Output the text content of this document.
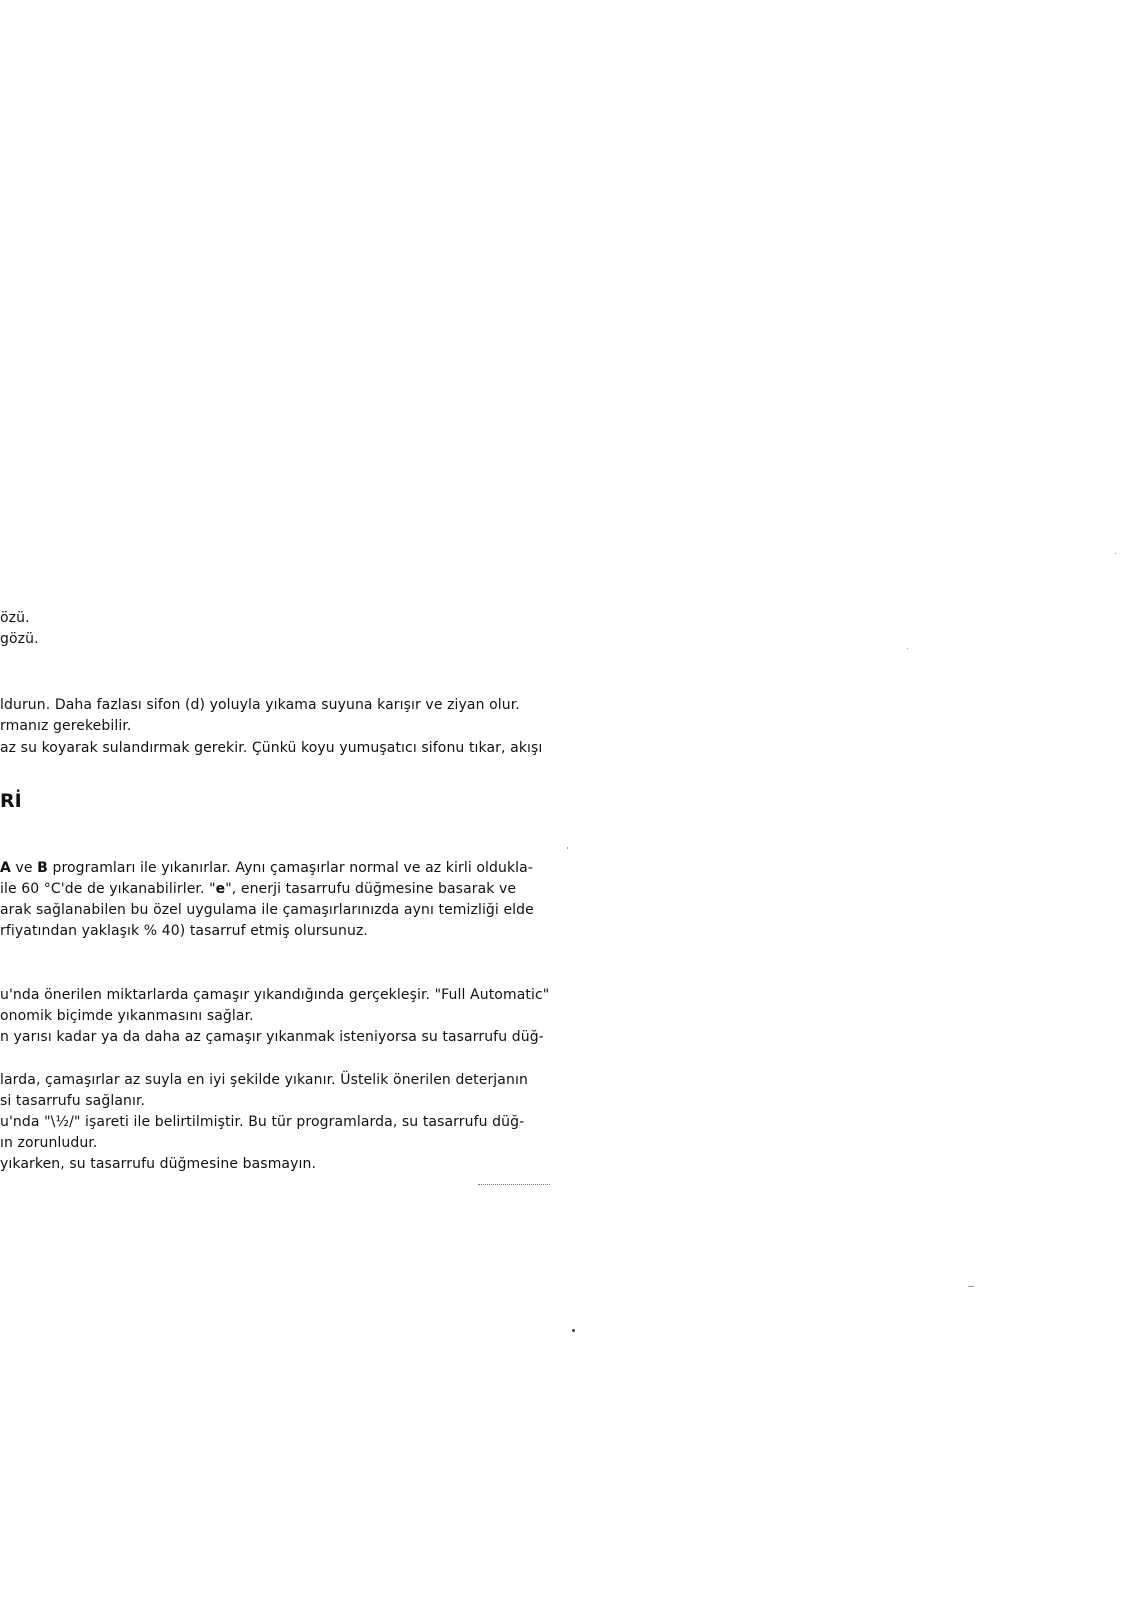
özü.
gözü.
ldurun. Daha fazlası sifon (d) yoluyla yıkama suyuna karışır ve ziyan olur.
rmanız gerekebilir.
az su koyarak sulandırmak gerekir. Çünkü koyu yumuşatıcı sifonu tıkar, akışı
Rİ
A ve B programları ile yıkanırlar. Aynı çamaşırlar normal ve az kirli oldukla-
ile 60 °C'de de yıkanabilirler. "e", enerji tasarrufu düğmesine basarak ve
arak sağlanabilen bu özel uygulama ile çamaşırlarınızda aynı temizliği elde
rfiyatından yaklaşık % 40) tasarruf etmiş olursunuz.
u'nda önerilen miktarlarda çamaşır yıkandığında gerçekleşir. "Full Automatic"
onomik biçimde yıkanmasını sağlar.
n yarısı kadar ya da daha az çamaşır yıkanmak isteniyorsa su tasarrufu düğ-
larda, çamaşırlar az suyla en iyi şekilde yıkanır. Üstelik önerilen deterjanın
si tasarrufu sağlanır.
u'nda "\½/" işareti ile belirtilmiştir. Bu tür programlarda, su tasarrufu düğ-
ın zorunludur.
yıkarken, su tasarrufu düğmesine basmayın.
